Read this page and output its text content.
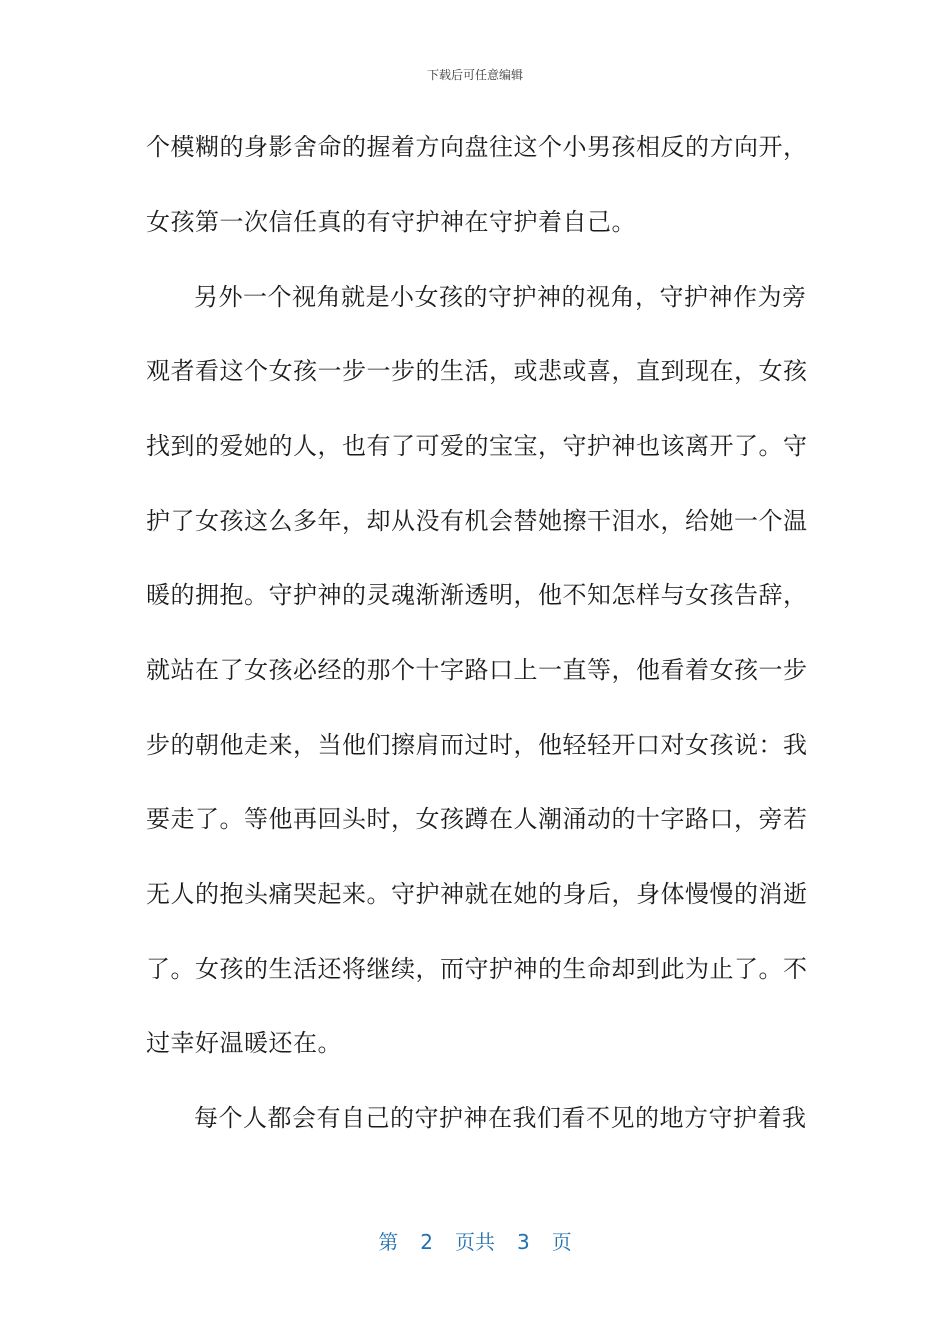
下载后可任意编辑
个模糊的身影舍命的握着方向盘往这个小男孩相反的方向开，
女孩第一次信任真的有守护神在守护着自己。
另外一个视角就是小女孩的守护神的视角，守护神作为旁
观者看这个女孩一步一步的生活，或悲或喜，直到现在，女孩
找到的爱她的人，也有了可爱的宝宝，守护神也该离开了。守
护了女孩这么多年，却从没有机会替她擦干泪水，给她一个温
暖的拥抱。守护神的灵魂渐渐透明，他不知怎样与女孩告辞，
就站在了女孩必经的那个十字路口上一直等，他看着女孩一步
步的朝他走来，当他们擦肩而过时，他轻轻开口对女孩说：我
要走了。等他再回头时，女孩蹲在人潮涌动的十字路口，旁若
无人的抱头痛哭起来。守护神就在她的身后，身体慢慢的消逝
了。女孩的生活还将继续，而守护神的生命却到此为止了。不
过幸好温暖还在。
每个人都会有自己的守护神在我们看不见的地方守护着我
第 2 页共 3 页
